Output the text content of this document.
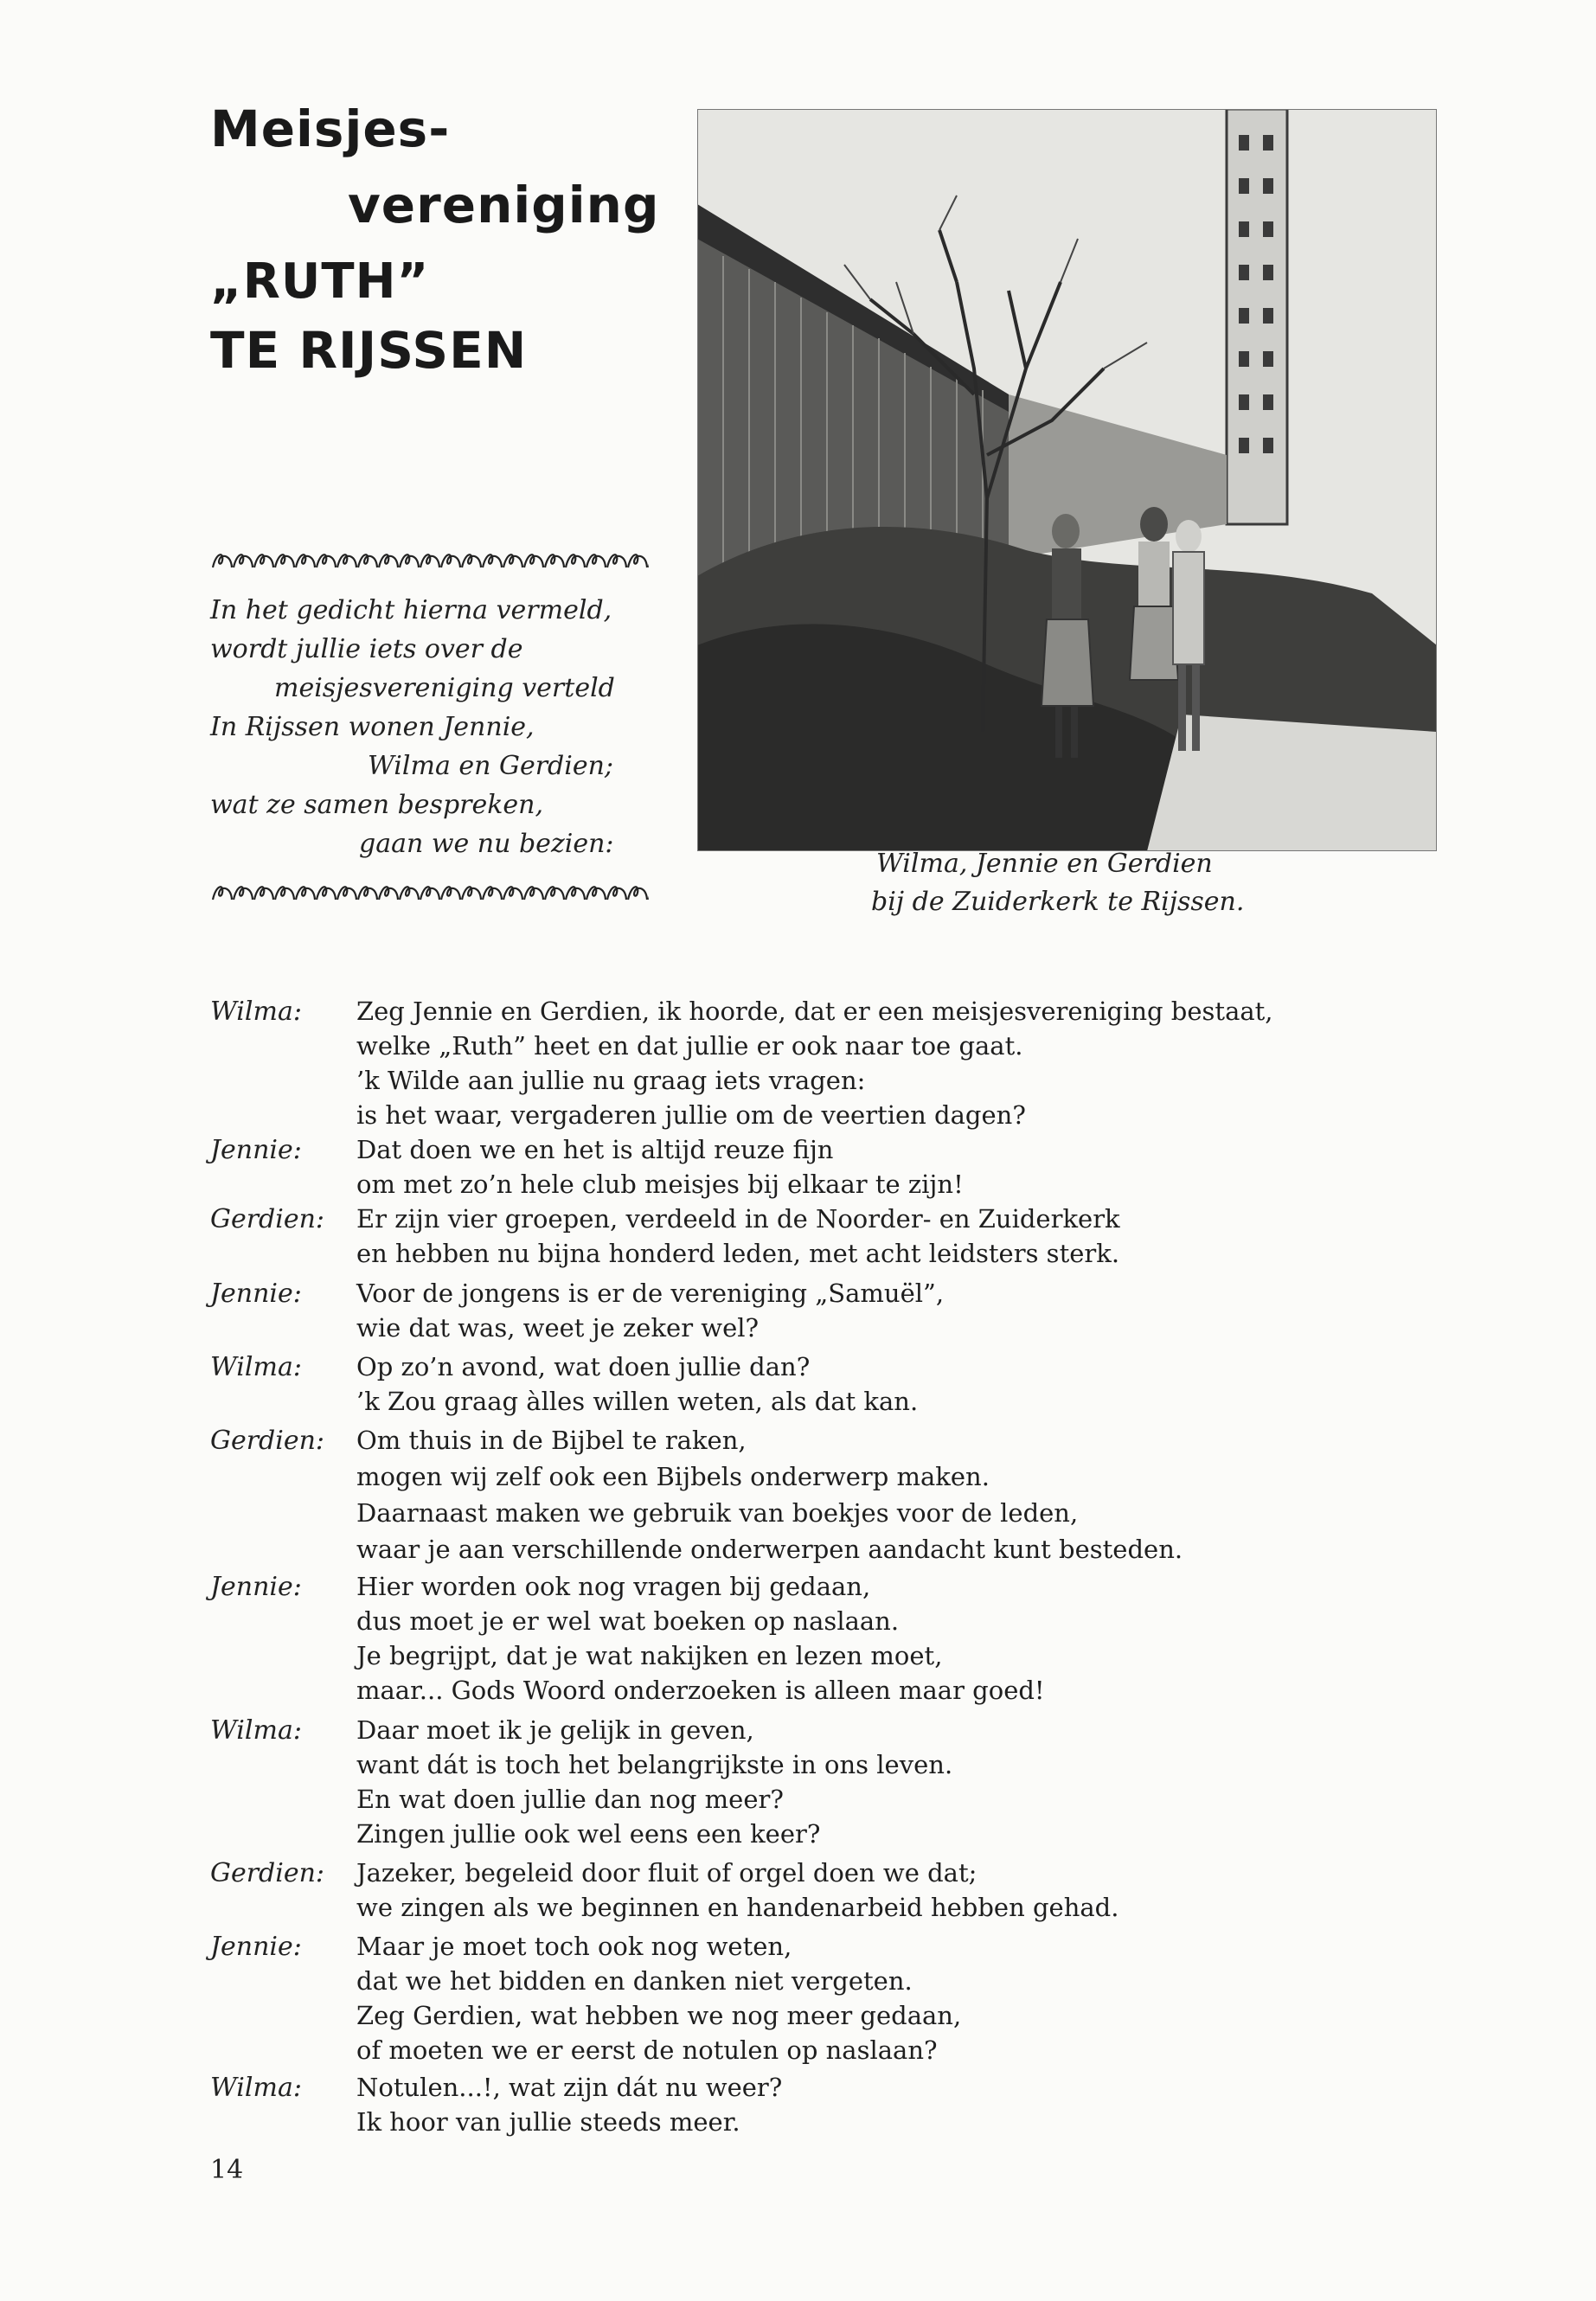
Meisjes-
vereniging
„RUTH”
TE RIJSSEN
In het gedicht hierna vermeld,
wordt jullie iets over de
meisjesvereniging verteld
In Rijssen wonen Jennie,
Wilma en Gerdien;
wat ze samen bespreken,
gaan we nu bezien:
Wilma, Jennie en Gerdien
bij de Zuiderkerk te Rijssen.
Wilma: Zeg Jennie en Gerdien, ik hoorde, dat er een meisjesvereniging bestaat,
welke „Ruth” heet en dat jullie er ook naar toe gaat.
’k Wilde aan jullie nu graag iets vragen:
is het waar, vergaderen jullie om de veertien dagen?
Jennie: Dat doen we en het is altijd reuze fijn
om met zo’n hele club meisjes bij elkaar te zijn!
Gerdien: Er zijn vier groepen, verdeeld in de Noorder- en Zuiderkerk
en hebben nu bijna honderd leden, met acht leidsters sterk.
Jennie: Voor de jongens is er de vereniging „Samuël”,
wie dat was, weet je zeker wel?
Wilma: Op zo’n avond, wat doen jullie dan?
’k Zou graag àlles willen weten, als dat kan.
Gerdien: Om thuis in de Bijbel te raken,
mogen wij zelf ook een Bijbels onderwerp maken.
Daarnaast maken we gebruik van boekjes voor de leden,
waar je aan verschillende onderwerpen aandacht kunt besteden.
Jennie: Hier worden ook nog vragen bij gedaan,
dus moet je er wel wat boeken op naslaan.
Je begrijpt, dat je wat nakijken en lezen moet,
maar... Gods Woord onderzoeken is alleen maar goed!
Wilma: Daar moet ik je gelijk in geven,
want dát is toch het belangrijkste in ons leven.
En wat doen jullie dan nog meer?
Zingen jullie ook wel eens een keer?
Gerdien: Jazeker, begeleid door fluit of orgel doen we dat;
we zingen als we beginnen en handenarbeid hebben gehad.
Jennie: Maar je moet toch ook nog weten,
dat we het bidden en danken niet vergeten.
Zeg Gerdien, wat hebben we nog meer gedaan,
of moeten we er eerst de notulen op naslaan?
Wilma: Notulen...!, wat zijn dát nu weer?
Ik hoor van jullie steeds meer.
14
